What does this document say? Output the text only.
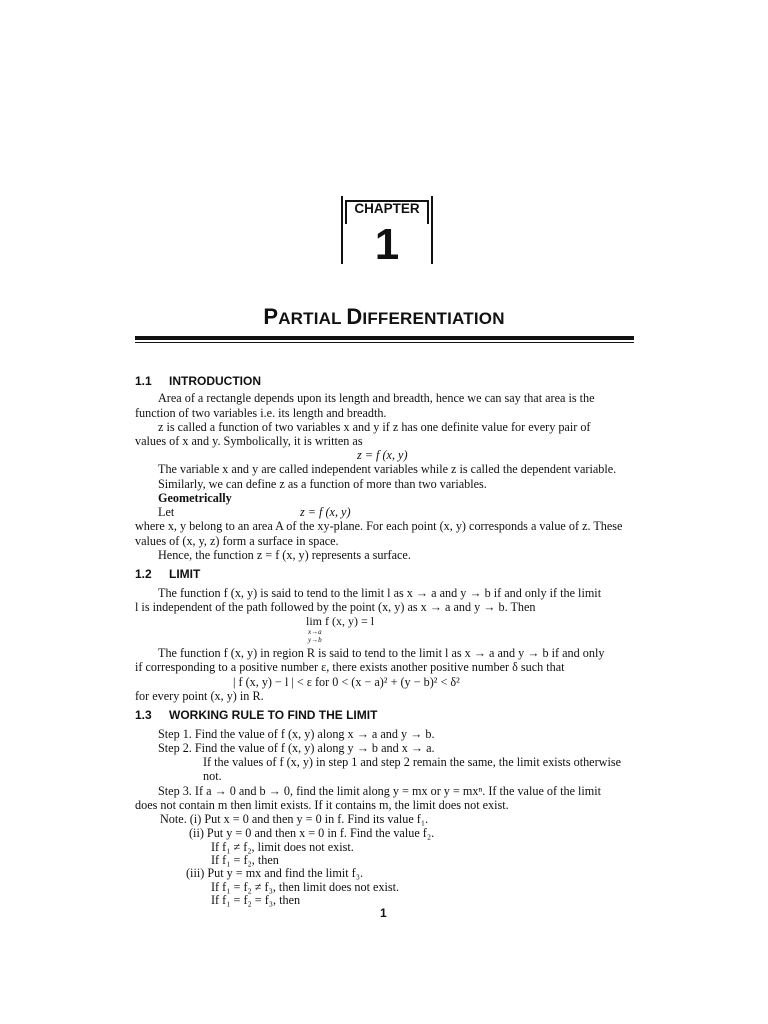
CHAPTER
1
PARTIAL DIFFERENTIATION
1.1 INTRODUCTION
Area of a rectangle depends upon its length and breadth, hence we can say that area is the
function of two variables i.e. its length and breadth.
z is called a function of two variables x and y if z has one definite value for every pair of
values of x and y. Symbolically, it is written as
z = f (x, y)
The variable x and y are called independent variables while z is called the dependent variable.
Similarly, we can define z as a function of more than two variables.
Geometrically
Let	z = f (x, y)
where x, y belong to an area A of the xy-plane. For each point (x, y) corresponds a value of z. These
values of (x, y, z) form a surface in space.
Hence, the function z = f (x, y) represents a surface.
1.2 LIMIT
The function f (x, y) is said to tend to the limit l as x → a and y → b if and only if the limit
l is independent of the path followed by the point (x, y) as x → a and y → b. Then
lim f (x, y) = l
x→a
y→b
The function f (x, y) in region R is said to tend to the limit l as x → a and y → b if and only
if corresponding to a positive number ε, there exists another positive number δ such that
| f (x, y) − l | < ε for 0 < (x − a)² + (y − b)² < δ²
for every point (x, y) in R.
1.3 WORKING RULE TO FIND THE LIMIT
Step 1. Find the value of f (x, y) along x → a and y → b.
Step 2. Find the value of f (x, y) along y → b and x → a.
If the values of f (x, y) in step 1 and step 2 remain the same, the limit exists otherwise
not.
Step 3. If a → 0 and b → 0, find the limit along y = mx or y = mxⁿ. If the value of the limit
does not contain m then limit exists. If it contains m, the limit does not exist.
Note. (i) Put x = 0 and then y = 0 in f. Find its value f₁.
(ii) Put y = 0 and then x = 0 in f. Find the value f₂.
If f₁ ≠ f₂, limit does not exist.
If f₁ = f₂, then
(iii) Put y = mx and find the limit f₃.
If f₁ = f₂ ≠ f₃, then limit does not exist.
If f₁ = f₂ = f₃, then
1
